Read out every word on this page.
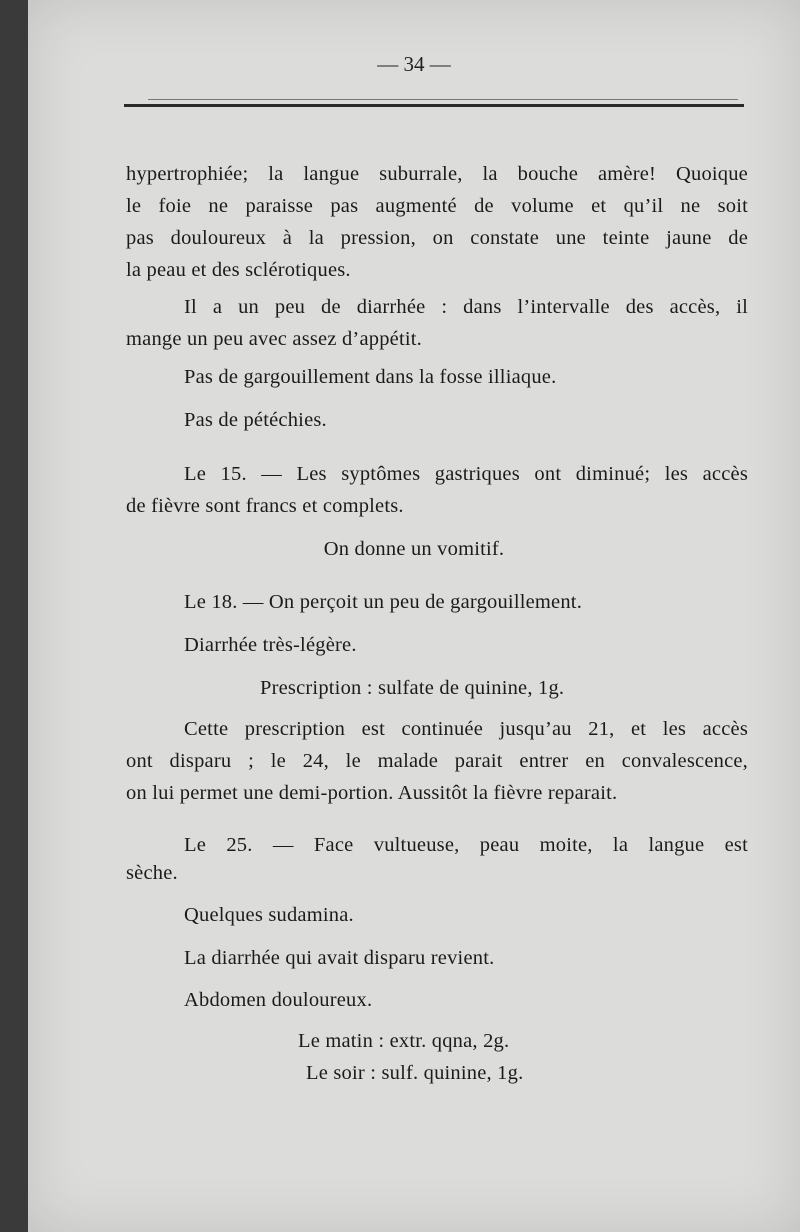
— 34 —
hypertrophiée; la langue suburrale, la bouche amère! Quoique
le foie ne paraisse pas augmenté de volume et qu’il ne soit
pas douloureux à la pression, on constate une teinte jaune de
la peau et des sclérotiques.
Il a un peu de diarrhée : dans l’intervalle des accès, il
mange un peu avec assez d’appétit.
Pas de gargouillement dans la fosse illiaque.
Pas de pétéchies.
Le 15. — Les syptômes gastriques ont diminué; les accès
de fièvre sont francs et complets.
On donne un vomitif.
Le 18. — On perçoit un peu de gargouillement.
Diarrhée très-légère.
Prescription : sulfate de quinine, 1g.
Cette prescription est continuée jusqu’au 21, et les accès
ont disparu ; le 24, le malade parait entrer en convalescence,
on lui permet une demi-portion. Aussitôt la fièvre reparait.
Le 25. — Face vultueuse, peau moite, la langue est
sèche.
Quelques sudamina.
La diarrhée qui avait disparu revient.
Abdomen douloureux.
Le matin : extr. qqna, 2g.
Le soir : sulf. quinine, 1g.
